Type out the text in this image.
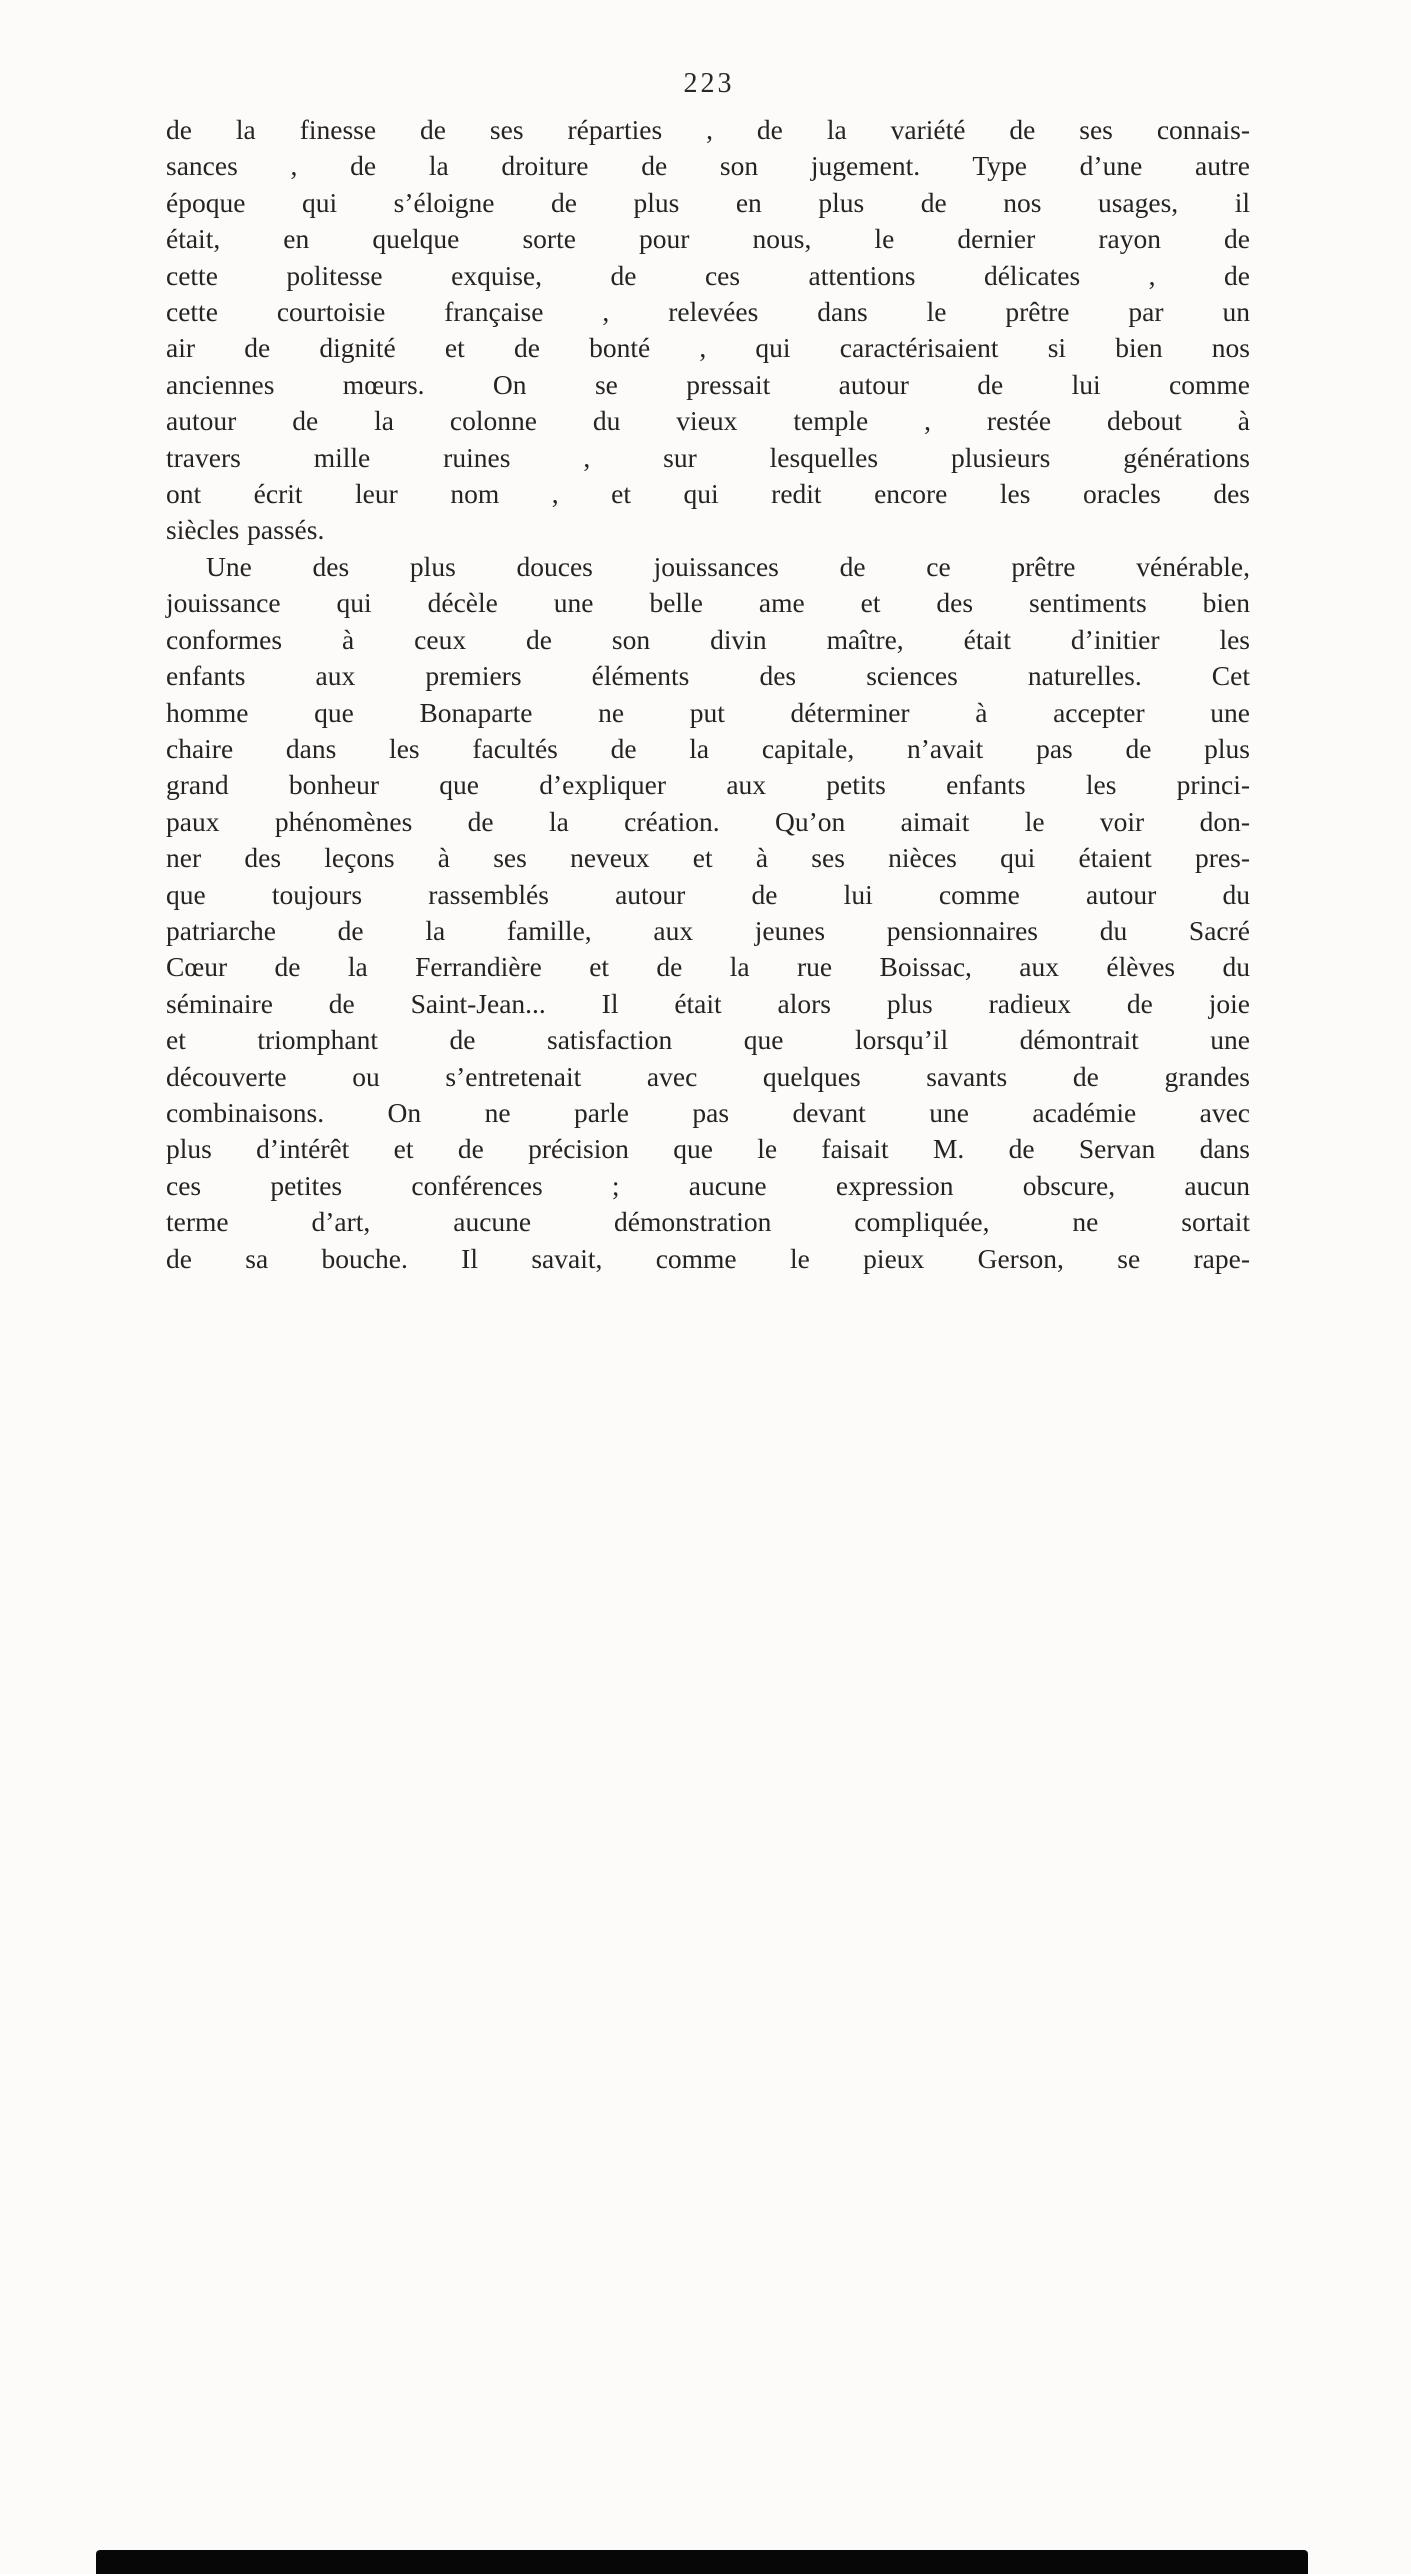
223
de la finesse de ses réparties , de la variété de ses connais-
sances , de la droiture de son jugement. Type d’une autre
époque qui s’éloigne de plus en plus de nos usages, il
était, en quelque sorte pour nous, le dernier rayon de
cette politesse exquise, de ces attentions délicates , de
cette courtoisie française , relevées dans le prêtre par un
air de dignité et de bonté , qui caractérisaient si bien nos
anciennes mœurs. On se pressait autour de lui comme
autour de la colonne du vieux temple , restée debout à
travers mille ruines , sur lesquelles plusieurs générations
ont écrit leur nom , et qui redit encore les oracles des
siècles passés.
Une des plus douces jouissances de ce prêtre vénérable,
jouissance qui décèle une belle ame et des sentiments bien
conformes à ceux de son divin maître, était d’initier les
enfants aux premiers éléments des sciences naturelles. Cet
homme que Bonaparte ne put déterminer à accepter une
chaire dans les facultés de la capitale, n’avait pas de plus
grand bonheur que d’expliquer aux petits enfants les princi-
paux phénomènes de la création. Qu’on aimait le voir don-
ner des leçons à ses neveux et à ses nièces qui étaient pres-
que toujours rassemblés autour de lui comme autour du
patriarche de la famille, aux jeunes pensionnaires du Sacré
Cœur de la Ferrandière et de la rue Boissac, aux élèves du
séminaire de Saint-Jean... Il était alors plus radieux de joie
et triomphant de satisfaction que lorsqu’il démontrait une
découverte ou s’entretenait avec quelques savants de grandes
combinaisons. On ne parle pas devant une académie avec
plus d’intérêt et de précision que le faisait M. de Servan dans
ces petites conférences ; aucune expression obscure, aucun
terme d’art, aucune démonstration compliquée, ne sortait
de sa bouche. Il savait, comme le pieux Gerson, se rape-
